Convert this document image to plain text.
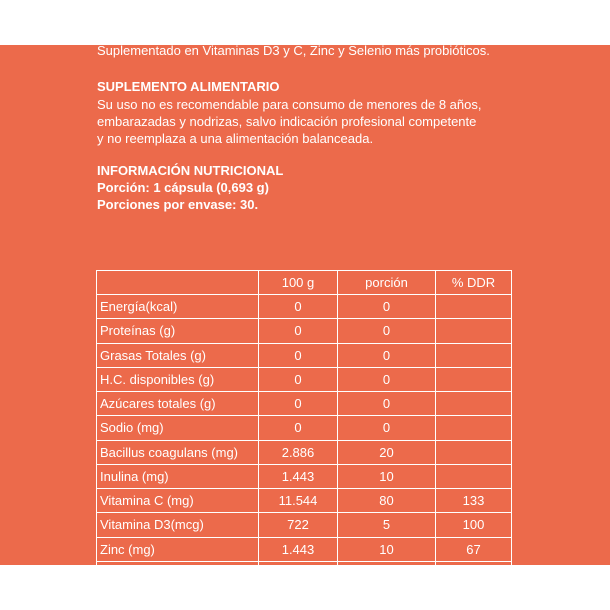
Suplementado en Vitaminas D3 y C, Zinc y Selenio más probióticos.
SUPLEMENTO ALIMENTARIO
Su uso no es recomendable para consumo de menores de 8 años,
embarazadas y nodrizas, salvo indicación profesional competente
y no reemplaza a una alimentación balanceada.
INFORMACIÓN NUTRICIONAL
Porción: 1 cápsula (0,693 g)
Porciones por envase: 30.
	100 g	porción	% DDR
Energía(kcal)	0	0	
Proteínas (g)	0	0	
Grasas Totales (g)	0	0	
H.C. disponibles (g)	0	0	
Azúcares totales (g)	0	0	
Sodio (mg)	0	0	
Bacillus coagulans (mg)	2.886	20	
Inulina (mg)	1.443	10	
Vitamina C (mg)	11.544	80	133
Vitamina D3(mcg)	722	5	100
Zinc (mg)	1.443	10	67
Selenio (mcg)	7.937	55	79
